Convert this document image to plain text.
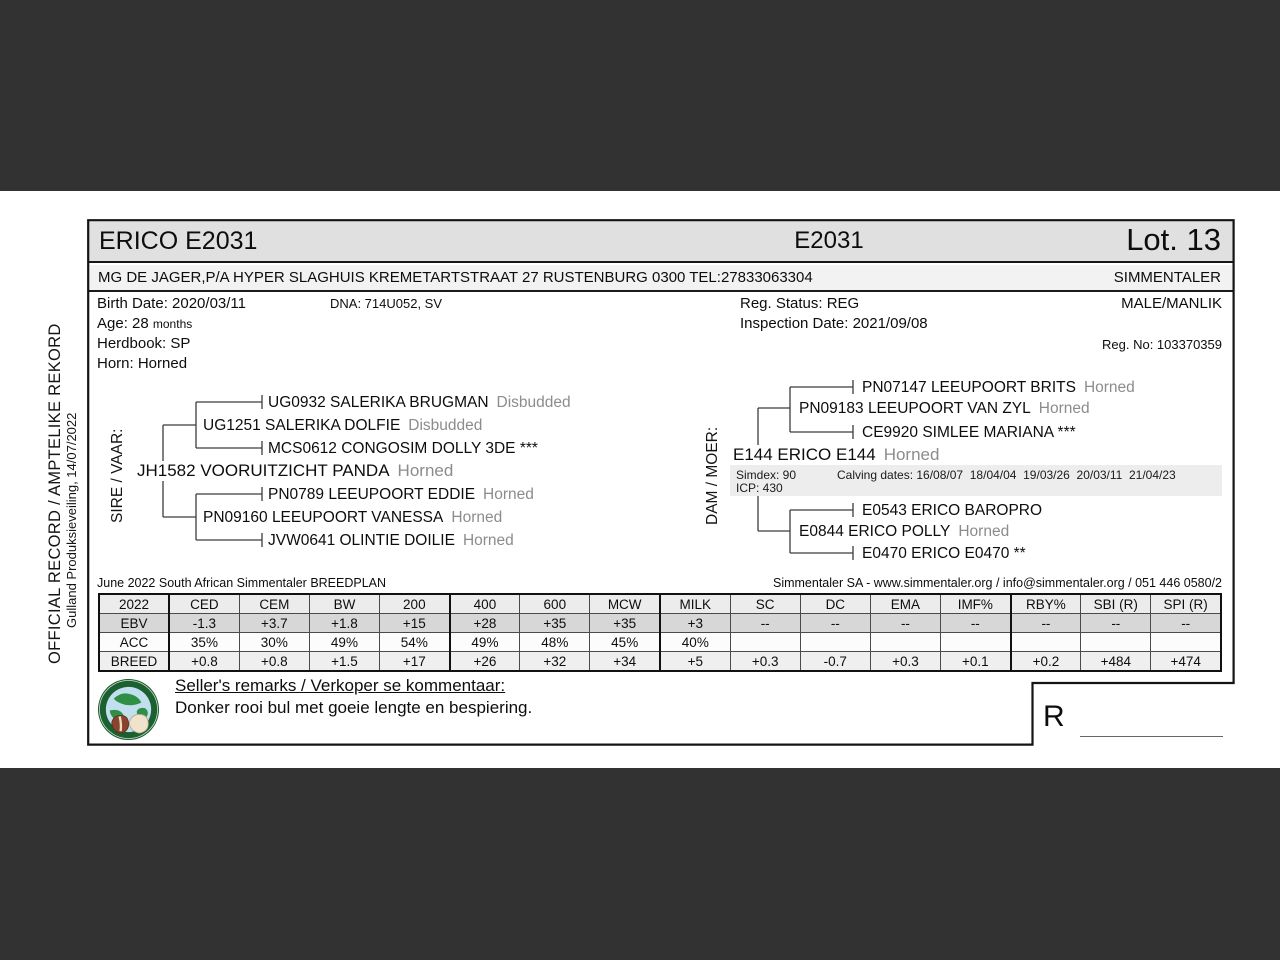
OFFICIAL RECORD / AMPTELIKE REKORD Gulland Produksieveiling, 14/07/2022
ERICO E2031	E2031	Lot. 13
MG DE JAGER,P/A HYPER SLAGHUIS KREMETARTSTRAAT 27 RUSTENBURG 0300 TEL:27833063304	SIMMENTALER
Birth Date: 2020/03/11	DNA: 714U052, SV
Age: 28 months
Herdbook: SP
Horn: Horned
Reg. Status: REG
Inspection Date: 2021/09/08
MALE/MANLIK
Reg. No: 103370359
SIRE / VAAR:
UG0932 SALERIKA BRUGMAN Disbudded
UG1251 SALERIKA DOLFIE Disbudded
MCS0612 CONGOSIM DOLLY 3DE ***
JH1582 VOORUITZICHT PANDA Horned
PN0789 LEEUPOORT EDDIE Horned
PN09160 LEEUPOORT VANESSA Horned
JVW0641 OLINTIE DOILIE Horned
DAM / MOER:
PN07147 LEEUPOORT BRITS Horned
PN09183 LEEUPOORT VAN ZYL Horned
CE9920 SIMLEE MARIANA ***
E144 ERICO E144 Horned
E0543 ERICO BAROPRO
E0844 ERICO POLLY Horned
E0470 ERICO E0470 **
Simdex: 90	Calving dates: 16/08/07  18/04/04  19/03/26  20/03/11  21/04/23
ICP: 430
June 2022 South African Simmentaler BREEDPLAN	Simmentaler SA - www.simmentaler.org / info@simmentaler.org / 051 446 0580/2
2022	CED	CEM	BW	200	400	600	MCW	MILK	SC	DC	EMA	IMF%	RBY%	SBI (R)	SPI (R)
EBV	-1.3	+3.7	+1.8	+15	+28	+35	+35	+3	--	--	--	--	--	--	--
ACC	35%	30%	49%	54%	49%	48%	45%	40%							
BREED	+0.8	+0.8	+1.5	+17	+26	+32	+34	+5	+0.3	-0.7	+0.3	+0.1	+0.2	+484	+474
Seller's remarks / Verkoper se kommentaar:
Donker rooi bul met goeie lengte en bespiering.	R
